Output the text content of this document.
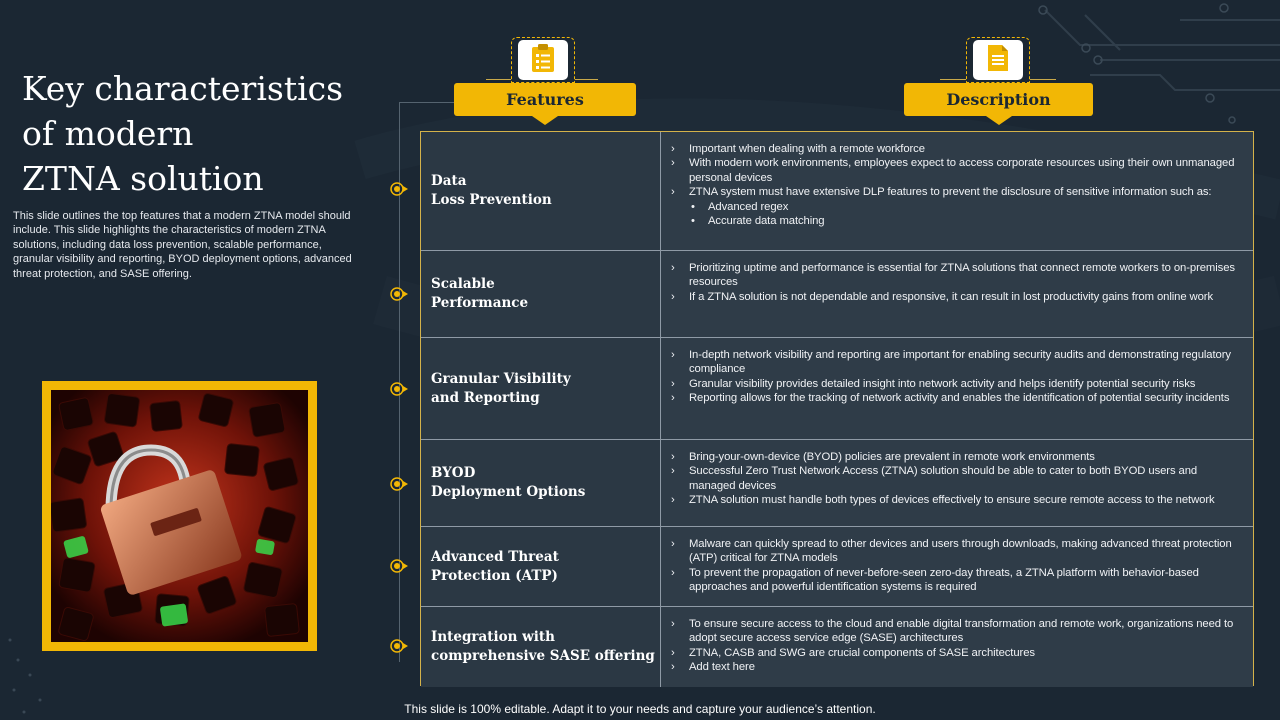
Key characteristics
of modern
ZTNA solution
This slide outlines the top features that a modern ZTNA model should include. This slide highlights the characteristics of modern ZTNA solutions, including data loss prevention, scalable performance, granular visibility and reporting, BYOD deployment options, advanced threat protection, and SASE offering.
Features	Description
Data
Loss Prevention
› Important when dealing with a remote workforce
› With modern work environments, employees expect to access corporate resources using their own unmanaged personal devices
› ZTNA system must have extensive DLP features to prevent the disclosure of sensitive information such as:
• Advanced regex
• Accurate data matching
Scalable
Performance
› Prioritizing uptime and performance is essential for ZTNA solutions that connect remote workers to on-premises resources
› If a ZTNA solution is not dependable and responsive, it can result in lost productivity gains from online work
Granular Visibility
and Reporting
› In-depth network visibility and reporting are important for enabling security audits and demonstrating regulatory compliance
› Granular visibility provides detailed insight into network activity and helps identify potential security risks
› Reporting allows for the tracking of network activity and enables the identification of potential security incidents
BYOD
Deployment Options
› Bring-your-own-device (BYOD) policies are prevalent in remote work environments
› Successful Zero Trust Network Access (ZTNA) solution should be able to cater to both BYOD users and managed devices
› ZTNA solution must handle both types of devices effectively to ensure secure remote access to the network
Advanced Threat
Protection (ATP)
› Malware can quickly spread to other devices and users through downloads, making advanced threat protection (ATP) critical for ZTNA models
› To prevent the propagation of never-before-seen zero-day threats, a ZTNA platform with behavior-based approaches and powerful identification systems is required
Integration with
comprehensive SASE offering
› To ensure secure access to the cloud and enable digital transformation and remote work, organizations need to adopt secure access service edge (SASE) architectures
› ZTNA, CASB and SWG are crucial components of SASE architectures
› Add text here
This slide is 100% editable. Adapt it to your needs and capture your audience’s attention.
